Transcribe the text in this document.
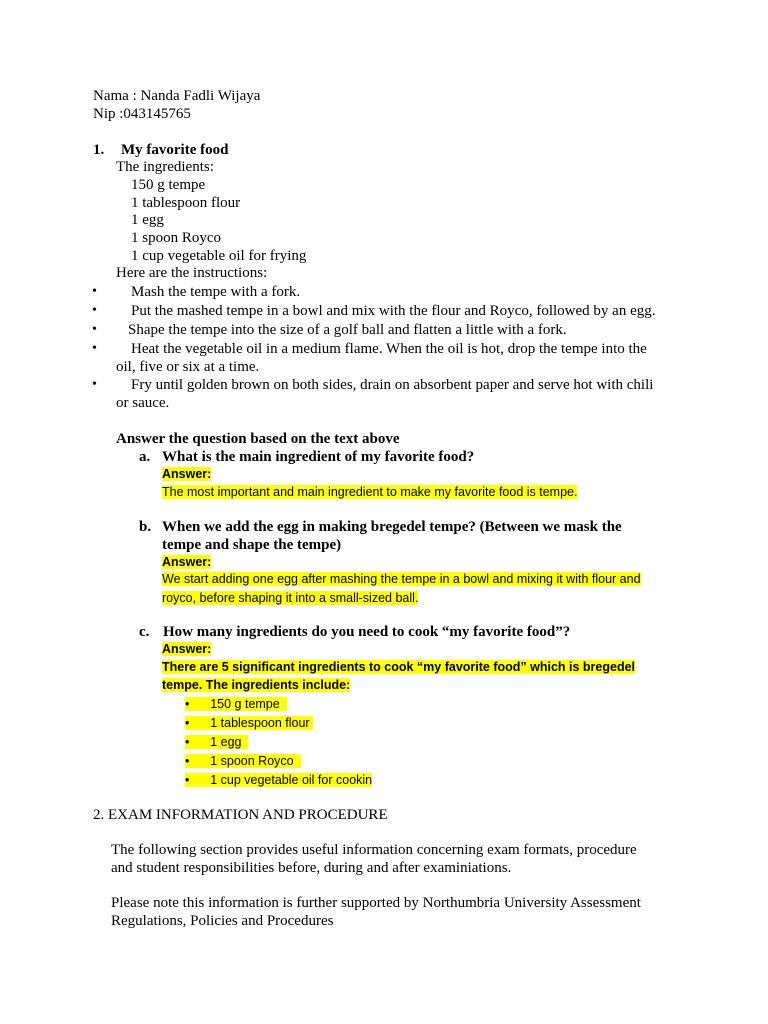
Nama : Nanda Fadli Wijaya
Nip :043145765
1. My favorite food
The ingredients:
150 g tempe
1 tablespoon flour
1 egg
1 spoon Royco
1 cup vegetable oil for frying
Here are the instructions:
• Mash the tempe with a fork.
• Put the mashed tempe in a bowl and mix with the flour and Royco, followed by an egg.
• Shape the tempe into the size of a golf ball and flatten a little with a fork.
• Heat the vegetable oil in a medium flame. When the oil is hot, drop the tempe into the
oil, five or six at a time.
• Fry until golden brown on both sides, drain on absorbent paper and serve hot with chili
or sauce.
Answer the question based on the text above
a. What is the main ingredient of my favorite food?
Answer:
The most important and main ingredient to make my favorite food is tempe.
b. When we add the egg in making bregedel tempe? (Between we mask the
tempe and shape the tempe)
Answer:
We start adding one egg after mashing the tempe in a bowl and mixing it with flour and
royco, before shaping it into a small-sized ball.
c. How many ingredients do you need to cook “my favorite food”?
Answer:
There are 5 significant ingredients to cook “my favorite food” which is bregedel
tempe. The ingredients include:
•      150 g tempe
•      1 tablespoon flour
•      1 egg
•      1 spoon Royco
•      1 cup vegetable oil for cookin
2. EXAM INFORMATION AND PROCEDURE
The following section provides useful information concerning exam formats, procedure
and student responsibilities before, during and after examiniations.
Please note this information is further supported by Northumbria University Assessment
Regulations, Policies and Procedures
